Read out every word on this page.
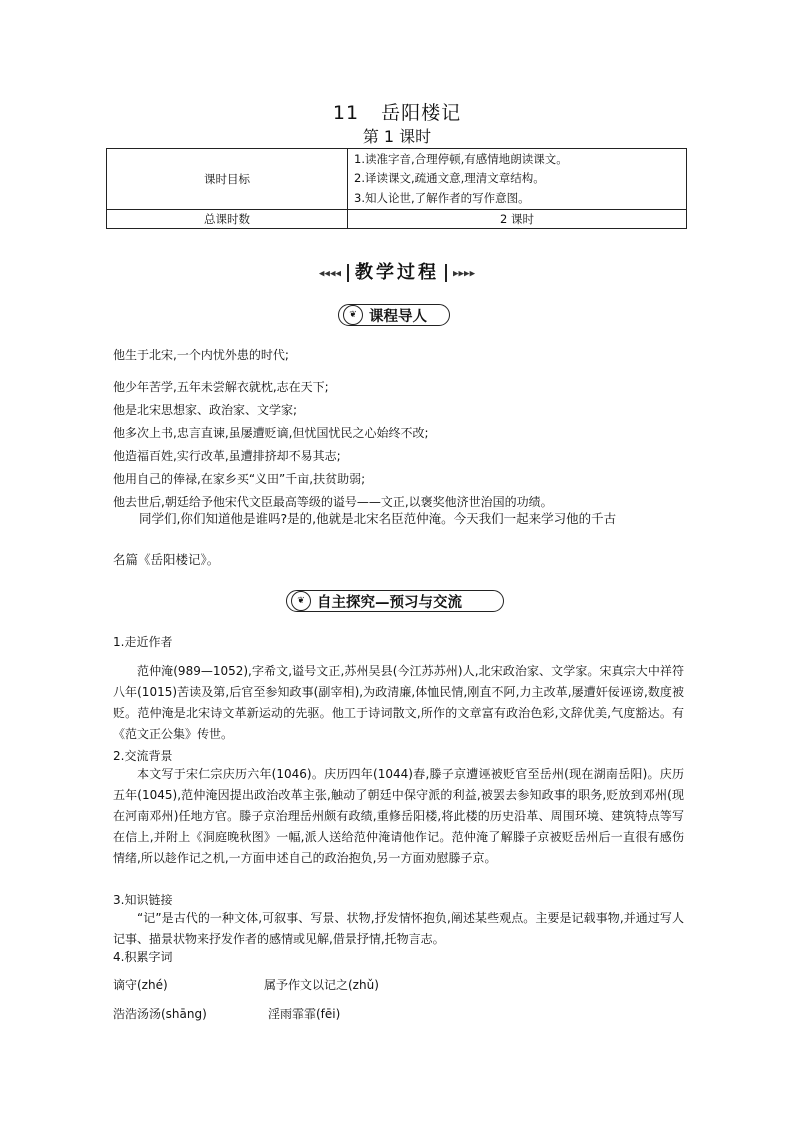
11 岳阳楼记
第 1 课时
课时目标	1.读准字音,合理停顿,有感情地朗读课文。
2.译读课文,疏通文意,理清文章结构。
3.知人论世,了解作者的写作意图。

总课时数	2 课时
◂◂◂◂ 教学过程 ▸▸▸▸
❦ 课程导人
他生于北宋,一个内忧外患的时代;
他少年苦学,五年未尝解衣就枕,志在天下;
他是北宋思想家、政治家、文学家;
他多次上书,忠言直谏,虽屡遭贬谪,但忧国忧民之心始终不改;
他造福百姓,实行改革,虽遭排挤却不易其志;
他用自己的俸禄,在家乡买“义田”千亩,扶贫助弱;
他去世后,朝廷给予他宋代文臣最高等级的谥号——文正,以褒奖他济世治国的功绩。
同学们,你们知道他是谁吗?是的,他就是北宋名臣范仲淹。今天我们一起来学习他的千古
名篇《岳阳楼记》。
❦ 自主探究—预习与交流
1.走近作者
范仲淹(989—1052),字希文,谥号文正,苏州吴县(今江苏苏州)人,北宋政治家、文学家。宋真宗大中祥符八年(1015)苦读及第,后官至参知政事(副宰相),为政清廉,体恤民情,刚直不阿,力主改革,屡遭奸佞诬谤,数度被贬。范仲淹是北宋诗文革新运动的先驱。他工于诗词散文,所作的文章富有政治色彩,文辞优美,气度豁达。有《范文正公集》传世。
2.交流背景
本文写于宋仁宗庆历六年(1046)。庆历四年(1044)春,滕子京遭诬被贬官至岳州(现在湖南岳阳)。庆历五年(1045),范仲淹因提出政治改革主张,触动了朝廷中保守派的利益,被罢去参知政事的职务,贬放到邓州(现在河南邓州)任地方官。滕子京治理岳州颇有政绩,重修岳阳楼,将此楼的历史沿革、周围环境、建筑特点等写在信上,并附上《洞庭晚秋图》一幅,派人送给范仲淹请他作记。范仲淹了解滕子京被贬岳州后一直很有感伤情绪,所以趁作记之机,一方面申述自己的政治抱负,另一方面劝慰滕子京。
3.知识链接
“记”是古代的一种文体,可叙事、写景、状物,抒发情怀抱负,阐述某些观点。主要是记载事物,并通过写人记事、描景状物来抒发作者的感情或见解,借景抒情,托物言志。
4.积累字词
谪守(zhé)	属予作文以记之(zhǔ)
浩浩汤汤(shāng)	淫雨霏霏(fēi)
